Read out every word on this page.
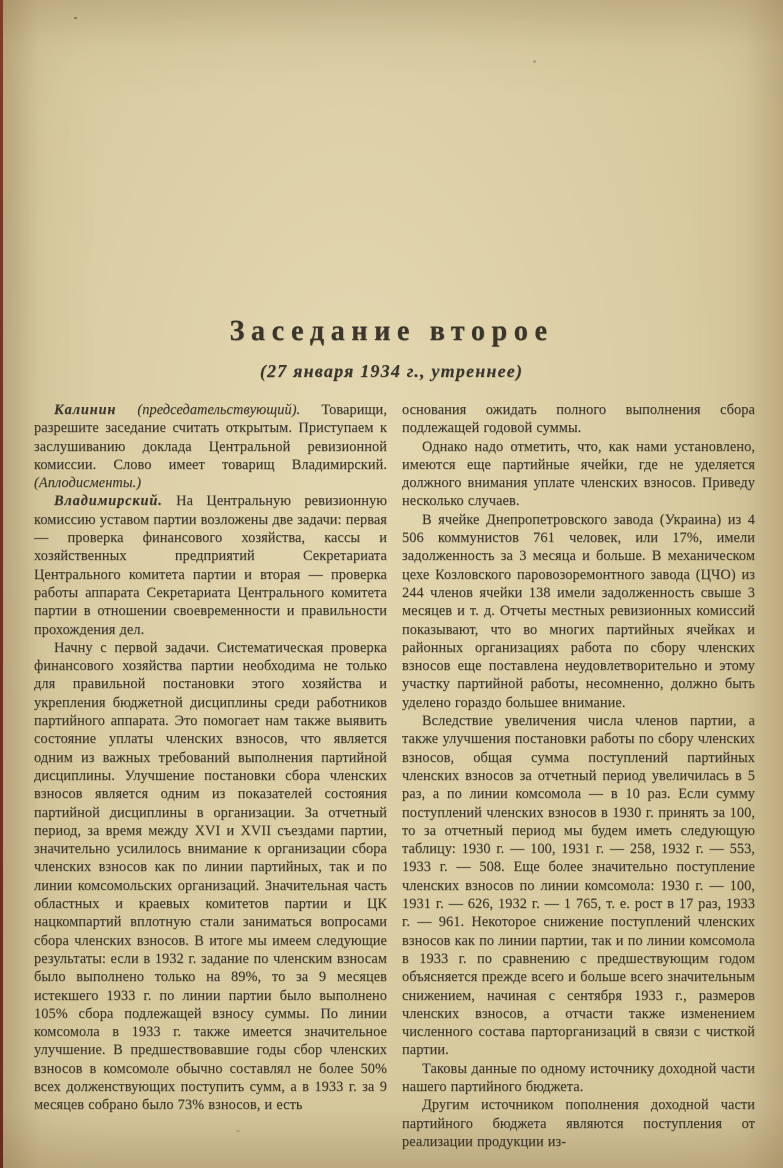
Заседание второе
(27 января 1934 г., утреннее)

Калинин (председательствующий). Товарищи, разрешите заседание считать открытым. Приступаем к заслушиванию доклада Центральной ревизионной комиссии. Слово имеет товарищ Владимирский. (Аплодисменты.)

Владимирский. На Центральную ревизионную комиссию уставом партии возложены две задачи: первая — проверка финансового хозяйства, кассы и хозяйственных предприятий Секретариата Центрального комитета партии и вторая — проверка работы аппарата Секретариата Центрального комитета партии в отношении своевременности и правильности прохождения дел.

Начну с первой задачи. Систематическая проверка финансового хозяйства партии необходима не только для правильной постановки этого хозяйства и укрепления бюджетной дисциплины среди работников партийного аппарата. Это помогает нам также выявить состояние уплаты членских взносов, что является одним из важных требований выполнения партийной дисциплины. Улучшение постановки сбора членских взносов является одним из показателей состояния партийной дисциплины в организации. За отчетный период, за время между XVI и XVII съездами партии, значительно усилилось внимание к организации сбора членских взносов как по линии партийных, так и по линии комсомольских организаций. Значительная часть областных и краевых комитетов партии и ЦК нацкомпартий вплотную стали заниматься вопросами сбора членских взносов. В итоге мы имеем следующие результаты: если в 1932 г. задание по членским взносам было выполнено только на 89%, то за 9 месяцев истекшего 1933 г. по линии партии было выполнено 105% сбора подлежащей взносу суммы. По линии комсомола в 1933 г. также имеется значительное улучшение. В предшествовавшие годы сбор членских взносов в комсомоле обычно составлял не более 50% всех долженствующих поступить сумм, а в 1933 г. за 9 месяцев собрано было 73% взносов, и есть

основания ожидать полного выполнения сбора подлежащей годовой суммы.

Однако надо отметить, что, как нами установлено, имеются еще партийные ячейки, где не уделяется должного внимания уплате членских взносов. Приведу несколько случаев.

В ячейке Днепропетровского завода (Украина) из 4 506 коммунистов 761 человек, или 17%, имели задолженность за 3 месяца и больше. В механическом цехе Козловского паровозоремонтного завода (ЦЧО) из 244 членов ячейки 138 имели задолженность свыше 3 месяцев и т. д. Отчеты местных ревизионных комиссий показывают, что во многих партийных ячейках и районных организациях работа по сбору членских взносов еще поставлена неудовлетворительно и этому участку партийной работы, несомненно, должно быть уделено гораздо большее внимание.

Вследствие увеличения числа членов партии, а также улучшения постановки работы по сбору членских взносов, общая сумма поступлений партийных членских взносов за отчетный период увеличилась в 5 раз, а по линии комсомола — в 10 раз. Если сумму поступлений членских взносов в 1930 г. принять за 100, то за отчетный период мы будем иметь следующую таблицу: 1930 г. — 100, 1931 г. — 258, 1932 г. — 553, 1933 г. — 508. Еще более значительно поступление членских взносов по линии комсомола: 1930 г. — 100, 1931 г. — 626, 1932 г. — 1 765, т. е. рост в 17 раз, 1933 г. — 961. Некоторое снижение поступлений членских взносов как по линии партии, так и по линии комсомола в 1933 г. по сравнению с предшествующим годом объясняется прежде всего и больше всего значительным снижением, начиная с сентября 1933 г., размеров членских взносов, а отчасти также изменением численного состава парторганизаций в связи с чисткой партии.

Таковы данные по одному источнику доходной части нашего партийного бюджета.

Другим источником пополнения доходной части партийного бюджета являются поступления от реализации продукции из-
